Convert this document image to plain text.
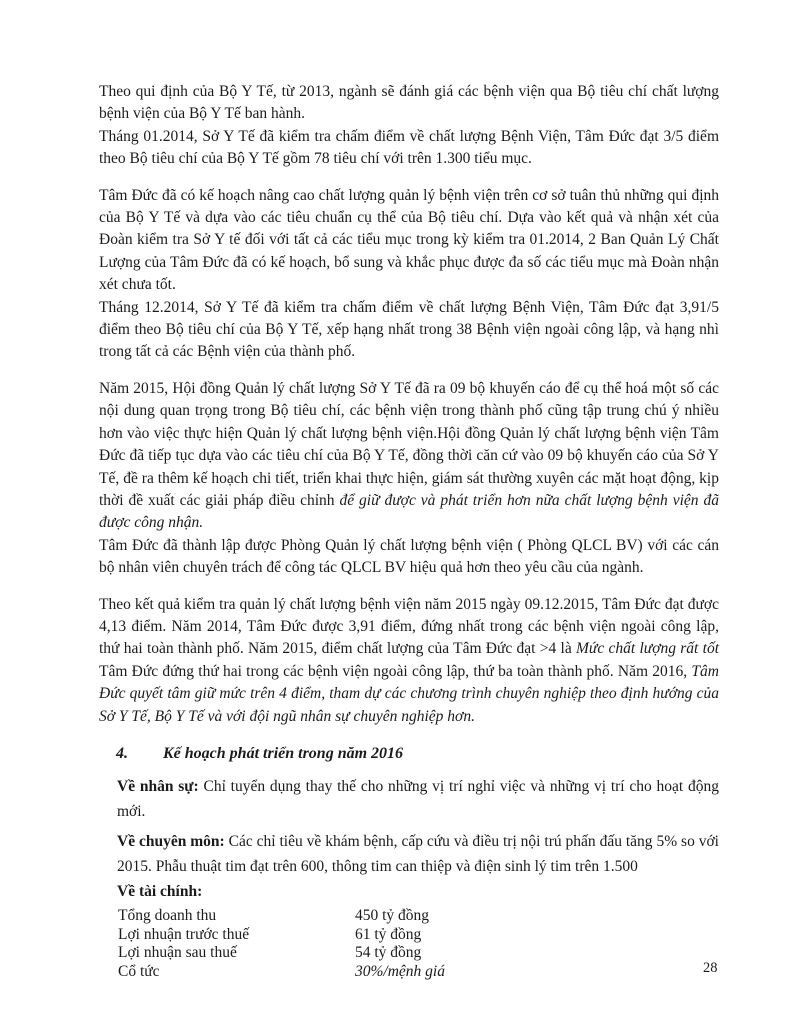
Theo qui định của Bộ Y Tế, từ 2013, ngành sẽ đánh giá các bệnh viện qua Bộ tiêu chí chất lượng bệnh viện của Bộ Y Tế ban hành.

Tháng 01.2014, Sở Y Tế đã kiểm tra chấm điểm về chất lượng Bệnh Viện, Tâm Đức đạt 3/5 điểm theo Bộ tiêu chí của Bộ Y Tế gồm 78 tiêu chí với trên 1.300 tiểu mục.

Tâm Đức đã có kế hoạch nâng cao chất lượng quản lý bệnh viện trên cơ sở tuân thủ những qui định của Bộ Y Tế và dựa vào các tiêu chuẩn cụ thể của Bộ tiêu chí. Dựa vào kết quả và nhận xét của Đoàn kiểm tra Sở Y tế đối với tất cả các tiểu mục trong kỳ kiểm tra 01.2014, 2 Ban Quản Lý Chất Lượng của Tâm Đức đã có kế hoạch, bổ sung và khắc phục được đa số các tiểu mục mà Đoàn nhận xét chưa tốt.

Tháng 12.2014, Sở Y Tế đã kiểm tra chấm điểm về chất lượng Bệnh Viện, Tâm Đức đạt 3,91/5 điểm theo Bộ tiêu chí của Bộ Y Tế, xếp hạng nhất trong 38 Bệnh viện ngoài công lập, và hạng nhì trong tất cả các Bệnh viện của thành phố.

Năm 2015, Hội đồng Quản lý chất lượng Sở Y Tế đã ra 09 bộ khuyến cáo để cụ thể hoá một số các nội dung quan trọng trong Bộ tiêu chí, các bệnh viện trong thành phố cũng tập trung chú ý nhiều hơn vào việc thực hiện Quản lý chất lượng bệnh viện.Hội đồng Quản lý chất lượng bệnh viện Tâm Đức đã tiếp tục dựa vào các tiêu chí của Bộ Y Tế, đồng thời căn cứ vào 09 bộ khuyến cáo của Sở Y Tế, đề ra thêm kế hoạch chi tiết, triển khai thực hiện, giám sát thường xuyên các mặt hoạt động, kịp thời đề xuất các giải pháp điều chỉnh để giữ được và phát triển hơn nữa chất lượng bệnh viện đã được công nhận.

Tâm Đức đã thành lập được Phòng Quản lý chất lượng bệnh viện ( Phòng QLCL BV) với các cán bộ nhân viên chuyên trách để công tác QLCL BV hiệu quả hơn theo yêu cầu của ngành.

Theo kết quả kiểm tra quản lý chất lượng bệnh viện năm 2015 ngày 09.12.2015, Tâm Đức đạt được 4,13 điểm. Năm 2014, Tâm Đức được 3,91 điểm, đứng nhất trong các bệnh viện ngoài công lập, thứ hai toàn thành phố. Năm 2015, điểm chất lượng của Tâm Đức đạt >4 là Mức chất lượng rất tốt Tâm Đức đứng thứ hai trong các bệnh viện ngoài công lập, thứ ba toàn thành phố. Năm 2016, Tâm Đức quyết tâm giữ mức trên 4 điểm, tham dự các chương trình chuyên nghiệp theo định hướng của Sở Y Tế, Bộ Y Tế và với đội ngũ nhân sự chuyên nghiệp hơn.

4. Kế hoạch phát triển trong năm 2016

Về nhân sự: Chỉ tuyển dụng thay thế cho những vị trí nghỉ việc và những vị trí cho hoạt động mới.

Về chuyên môn: Các chỉ tiêu về khám bệnh, cấp cứu và điều trị nội trú phấn đấu tăng 5% so với 2015. Phẫu thuật tim đạt trên 600, thông tim can thiệp và điện sinh lý tim trên 1.500

Về tài chính:

Tổng doanh thu	450 tỷ đồng
Lợi nhuận trước thuế	61 tỷ đồng
Lợi nhuận sau thuế	54 tỷ đồng
Cổ tức	30%/mệnh giá	28
